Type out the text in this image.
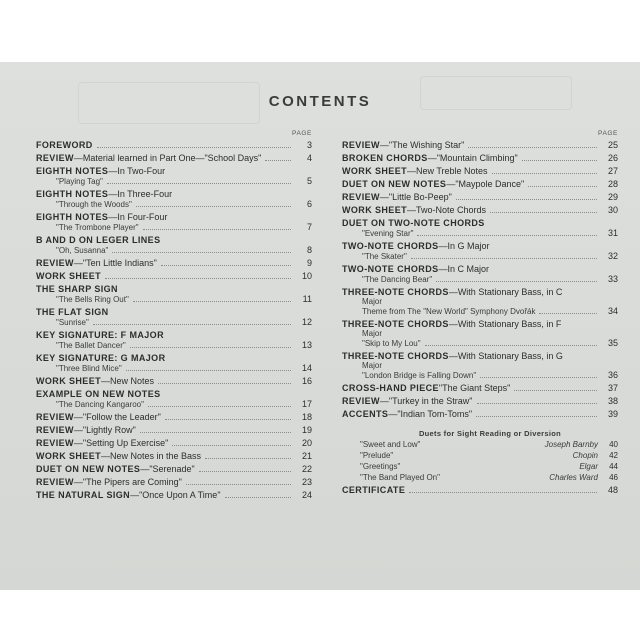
CONTENTS
PAGE
FOREWORD	3
REVIEW—Material learned in Part One—"School Days"	4
EIGHTH NOTES—In Two-Four
"Playing Tag"	5
EIGHTH NOTES—In Three-Four
"Through the Woods"	6
EIGHTH NOTES—In Four-Four
"The Trombone Player"	7
B AND D ON LEGER LINES
"Oh, Susanna"	8
REVIEW—"Ten Little Indians"	9
WORK SHEET	10
THE SHARP SIGN
"The Bells Ring Out"	11
THE FLAT SIGN
"Sunrise"	12
KEY SIGNATURE: F MAJOR
"The Ballet Dancer"	13
KEY SIGNATURE: G MAJOR
"Three Blind Mice"	14
WORK SHEET—New Notes	16
EXAMPLE ON NEW NOTES
"The Dancing Kangaroo"	17
REVIEW—"Follow the Leader"	18
REVIEW—"Lightly Row"	19
REVIEW—"Setting Up Exercise"	20
WORK SHEET—New Notes in the Bass	21
DUET ON NEW NOTES—"Serenade"	22
REVIEW—"The Pipers are Coming"	23
THE NATURAL SIGN—"Once Upon A Time"	24
PAGE
REVIEW—"The Wishing Star"	25
BROKEN CHORDS—"Mountain Climbing"	26
WORK SHEET—New Treble Notes	27
DUET ON NEW NOTES—"Maypole Dance"	28
REVIEW—"Little Bo-Peep"	29
WORK SHEET—Two-Note Chords	30
DUET ON TWO-NOTE CHORDS
"Evening Star"	31
TWO-NOTE CHORDS—In G Major
"The Skater"	32
TWO-NOTE CHORDS—In C Major
"The Dancing Bear"	33
THREE-NOTE CHORDS—With Stationary Bass, in C
Major
Theme from The "New World" Symphony Dvořák	34
THREE-NOTE CHORDS—With Stationary Bass, in F
Major
"Skip to My Lou"	35
THREE-NOTE CHORDS—With Stationary Bass, in G
Major
"London Bridge is Falling Down"	36
CROSS-HAND PIECE"The Giant Steps"	37
REVIEW—"Turkey in the Straw"	38
ACCENTS—"Indian Tom-Toms"	39
Duets for Sight Reading or Diversion
"Sweet and Low"	Joseph Barnby	40
"Prelude"	Chopin	42
"Greetings"	Elgar	44
"The Band Played On"	Charles Ward	46
CERTIFICATE	48
